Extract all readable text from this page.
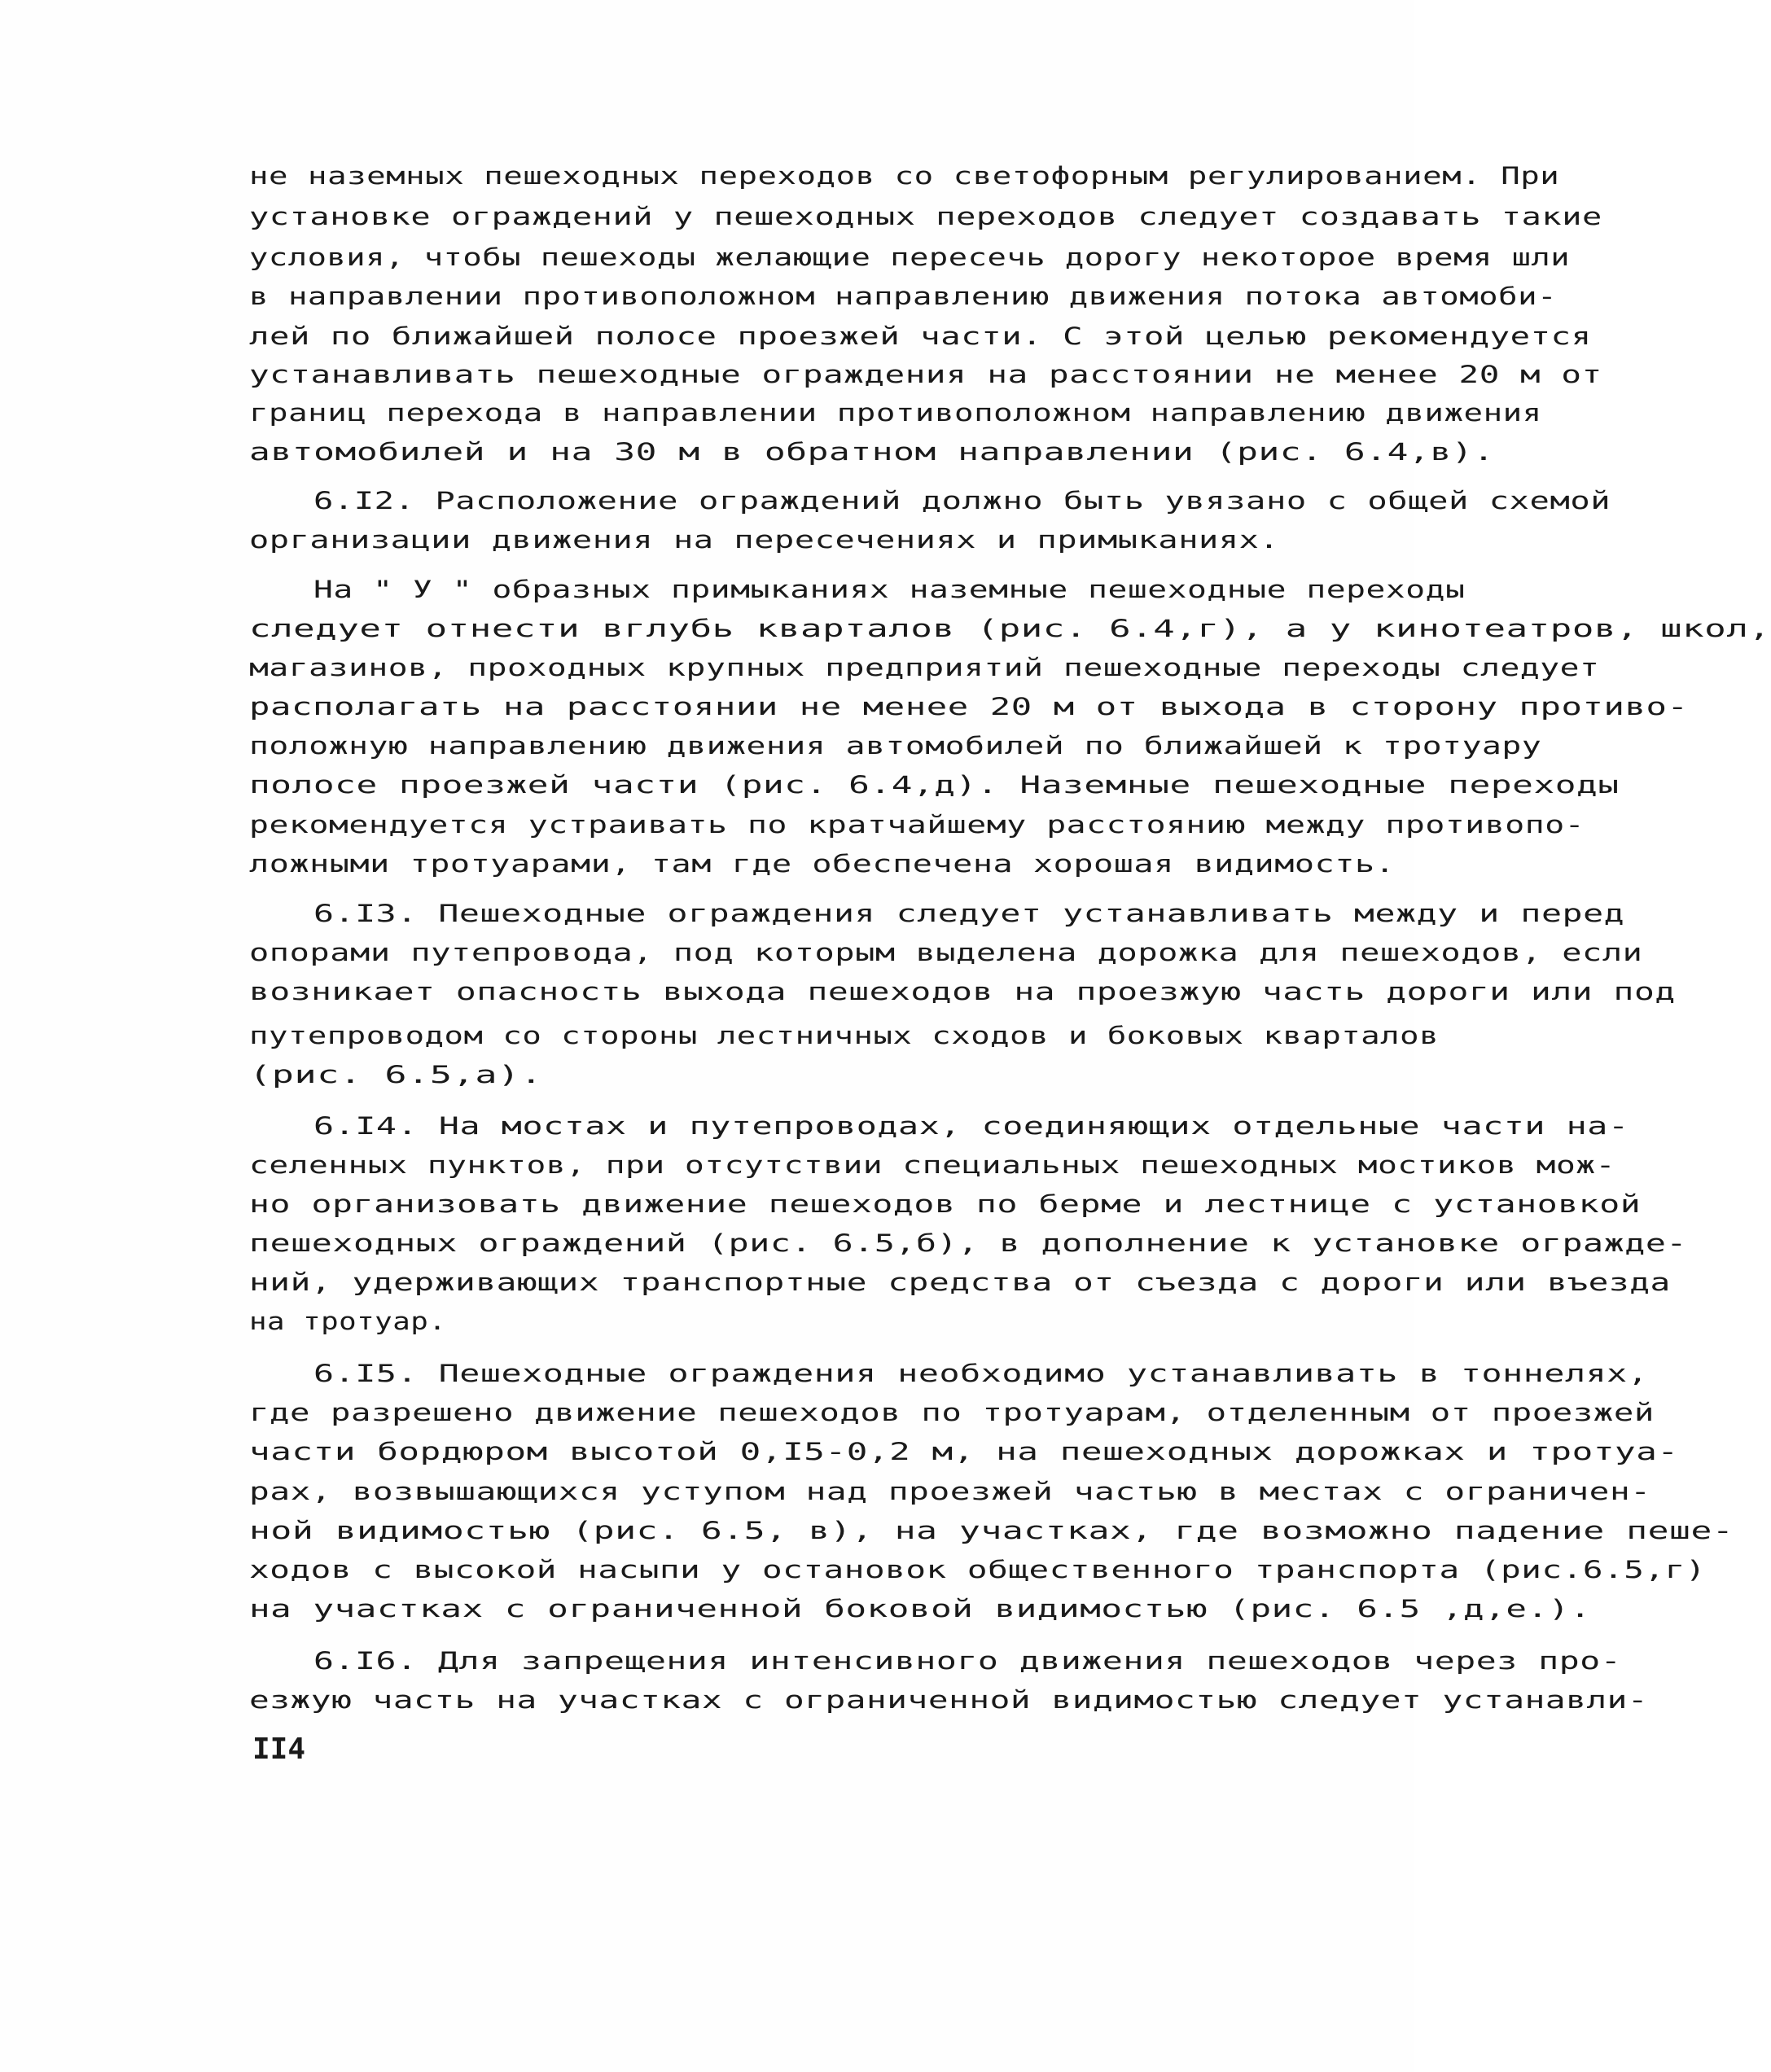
не наземных пешеходных переходов со светофорным регулированием. При
установке ограждений у пешеходных переходов следует создавать такие
условия, чтобы пешеходы желающие пересечь дорогу некоторое время шли
в направлении противоположном направлению движения потока автомоби-
лей по ближайшей полосе проезжей части. С этой целью рекомендуется
устанавливать пешеходные ограждения на расстоянии не менее 20 м от
границ перехода в направлении противоположном направлению движения
автомобилей и на 30 м в обратном направлении (рис. 6.4,в).
6.I2. Расположение ограждений должно быть увязано с общей схемой
организации движения на пересечениях и примыканиях.
На " У " образных примыканиях наземные пешеходные переходы
следует отнести вглубь кварталов (рис. 6.4,г), а у кинотеатров, школ,
магазинов, проходных крупных предприятий пешеходные переходы следует
располагать на расстоянии не менее 20 м от выхода в сторону противо-
положную направлению движения автомобилей по ближайшей к тротуару
полосе проезжей части (рис. 6.4,д). Наземные пешеходные переходы
рекомендуется устраивать по кратчайшему расстоянию между противопо-
ложными тротуарами, там где обеспечена хорошая видимость.
6.I3. Пешеходные ограждения следует устанавливать между и перед
опорами путепровода, под которым выделена дорожка для пешеходов, если
возникает опасность выхода пешеходов на проезжую часть дороги или под
путепроводом со стороны лестничных сходов и боковых кварталов
(рис. 6.5,а).
6.I4. На мостах и путепроводах, соединяющих отдельные части на-
селенных пунктов, при отсутствии специальных пешеходных мостиков мож-
но организовать движение пешеходов по берме и лестнице с установкой
пешеходных ограждений (рис. 6.5,б), в дополнение к установке огражде-
ний, удерживающих транспортные средства от съезда с дороги или въезда
на тротуар.
6.I5. Пешеходные ограждения необходимо устанавливать в тоннелях,
где разрешено движение пешеходов по тротуарам, отделенным от проезжей
части бордюром высотой 0,I5-0,2 м, на пешеходных дорожках и тротуа-
рах, возвышающихся уступом над проезжей частью в местах с ограничен-
ной видимостью (рис. 6.5, в), на участках, где возможно падение пеше-
ходов с высокой насыпи у остановок общественного транспорта (рис.6.5,г)
на участках с ограниченной боковой видимостью (рис. 6.5 ,д,е.).
6.I6. Для запрещения интенсивного движения пешеходов через про-
езжую часть на участках с ограниченной видимостью следует устанавли-
II4
